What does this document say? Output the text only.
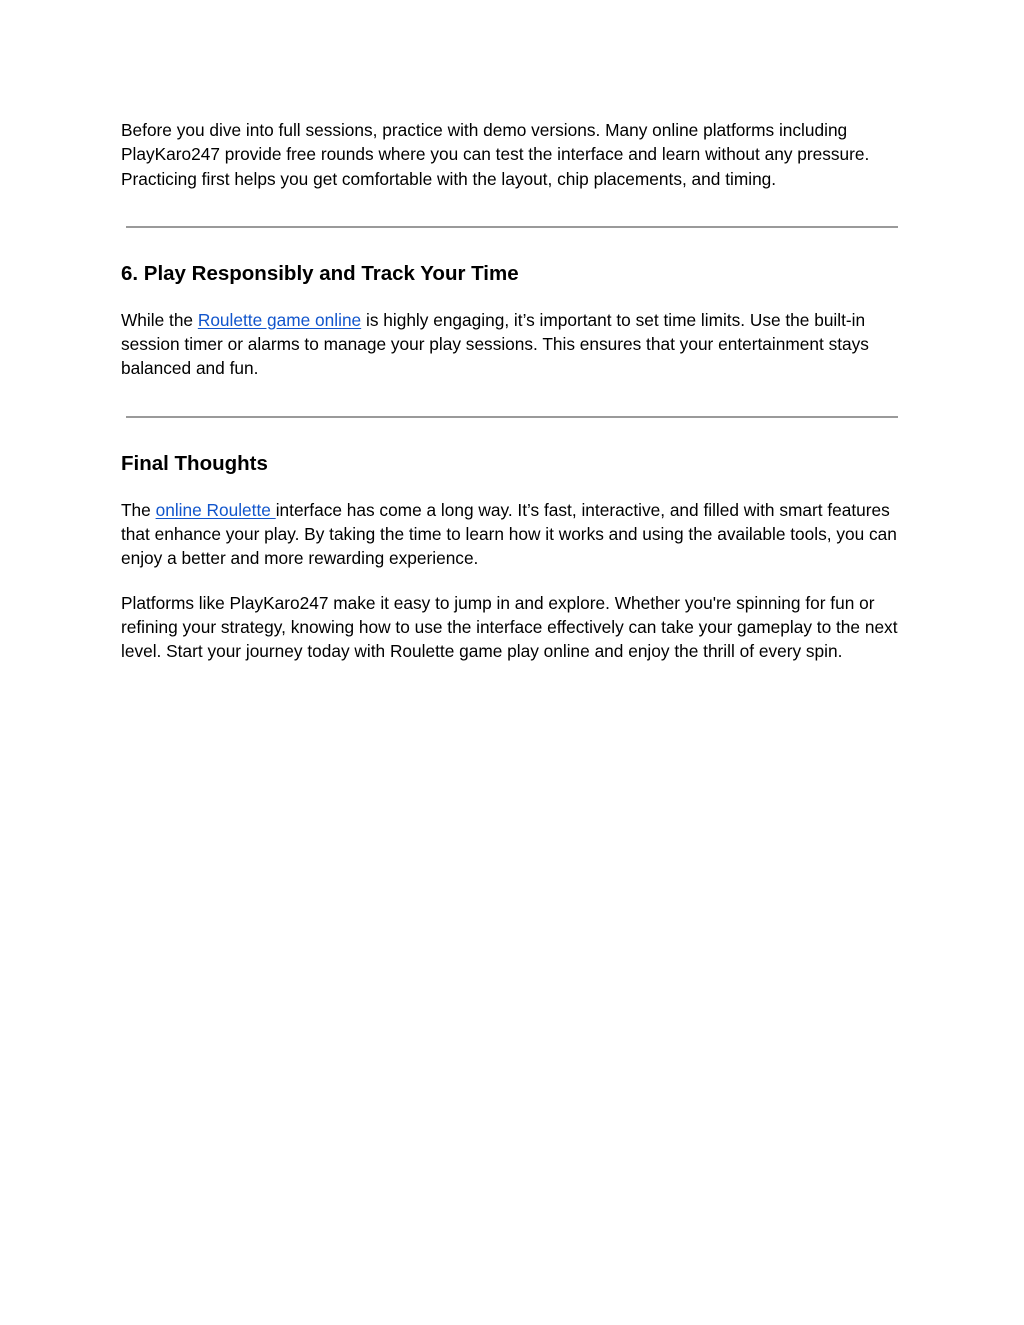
Before you dive into full sessions, practice with demo versions. Many online platforms including PlayKaro247 provide free rounds where you can test the interface and learn without any pressure. Practicing first helps you get comfortable with the layout, chip placements, and timing.

6. Play Responsibly and Track Your Time

While the Roulette game online is highly engaging, it’s important to set time limits. Use the built-in session timer or alarms to manage your play sessions. This ensures that your entertainment stays balanced and fun.

Final Thoughts

The online Roulette interface has come a long way. It’s fast, interactive, and filled with smart features that enhance your play. By taking the time to learn how it works and using the available tools, you can enjoy a better and more rewarding experience.

Platforms like PlayKaro247 make it easy to jump in and explore. Whether you're spinning for fun or refining your strategy, knowing how to use the interface effectively can take your gameplay to the next level. Start your journey today with Roulette game play online and enjoy the thrill of every spin.
